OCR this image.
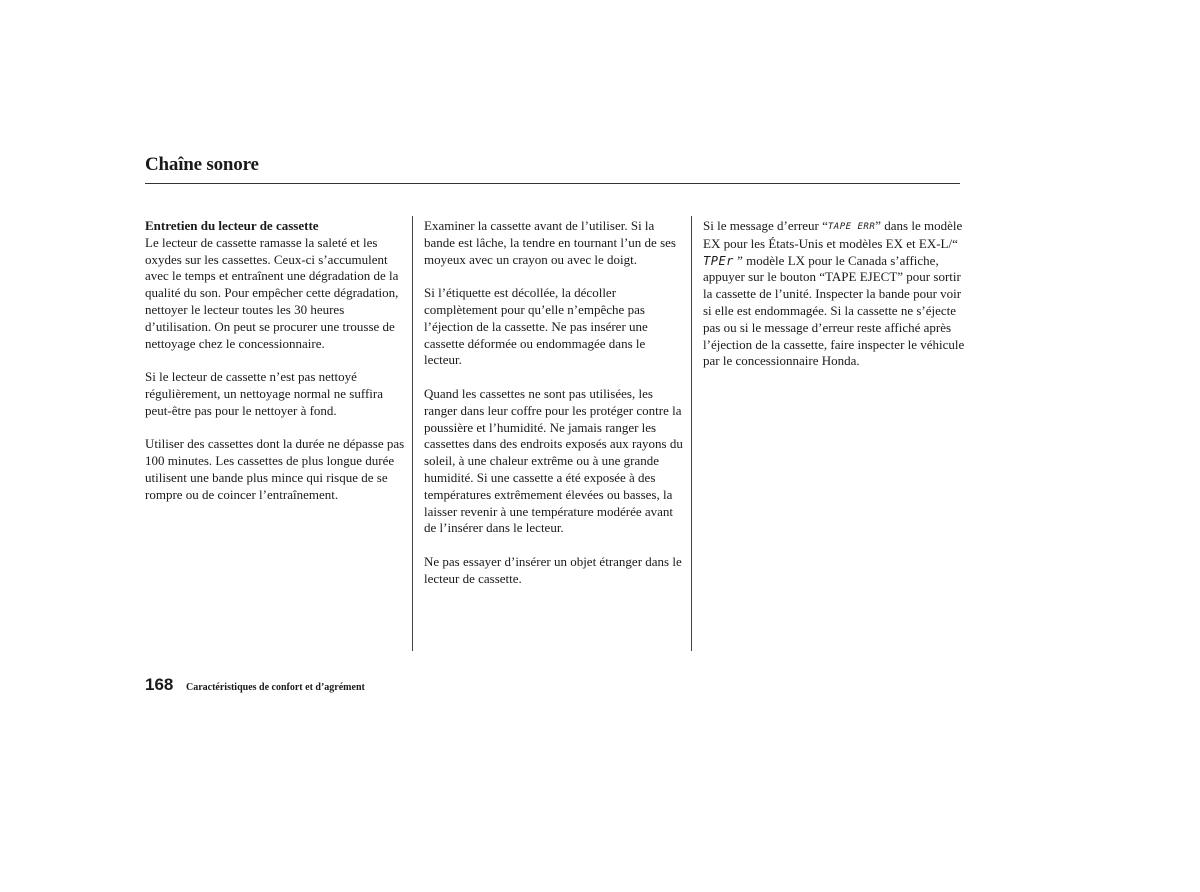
Chaîne sonore

Entretien du lecteur de cassette
Le lecteur de cassette ramasse la saleté et les oxydes sur les cassettes. Ceux-ci s’accumulent avec le temps et entraînent une dégradation de la qualité du son. Pour empêcher cette dégradation, nettoyer le lecteur toutes les 30 heures d’utilisation. On peut se procurer une trousse de nettoyage chez le concessionnaire.

Si le lecteur de cassette n’est pas nettoyé régulièrement, un nettoyage normal ne suffira peut-être pas pour le nettoyer à fond.

Utiliser des cassettes dont la durée ne dépasse pas 100 minutes. Les cassettes de plus longue durée utilisent une bande plus mince qui risque de se rompre ou de coincer l’entraînement.

Examiner la cassette avant de l’utiliser. Si la bande est lâche, la tendre en tournant l’un de ses moyeux avec un crayon ou avec le doigt.

Si l’étiquette est décollée, la décoller complètement pour qu’elle n’empêche pas l’éjection de la cassette. Ne pas insérer une cassette déformée ou endommagée dans le lecteur.

Quand les cassettes ne sont pas utilisées, les ranger dans leur coffre pour les protéger contre la poussière et l’humidité. Ne jamais ranger les cassettes dans des endroits exposés aux rayons du soleil, à une chaleur extrême ou à une grande humidité. Si une cassette a été exposée à des températures extrêmement élevées ou basses, la laisser revenir à une température modérée avant de l’insérer dans le lecteur.

Ne pas essayer d’insérer un objet étranger dans le lecteur de cassette.

Si le message d’erreur “TAPE ERR” dans le modèle EX pour les États-Unis et modèles EX et EX-L/“ TPEr ” modèle LX pour le Canada s’affiche, appuyer sur le bouton “TAPE EJECT” pour sortir la cassette de l’unité. Inspecter la bande pour voir si elle est endommagée. Si la cassette ne s’éjecte pas ou si le message d’erreur reste affiché après l’éjection de la cassette, faire inspecter le véhicule par le concessionnaire Honda.

168 Caractéristiques de confort et d’agrément
